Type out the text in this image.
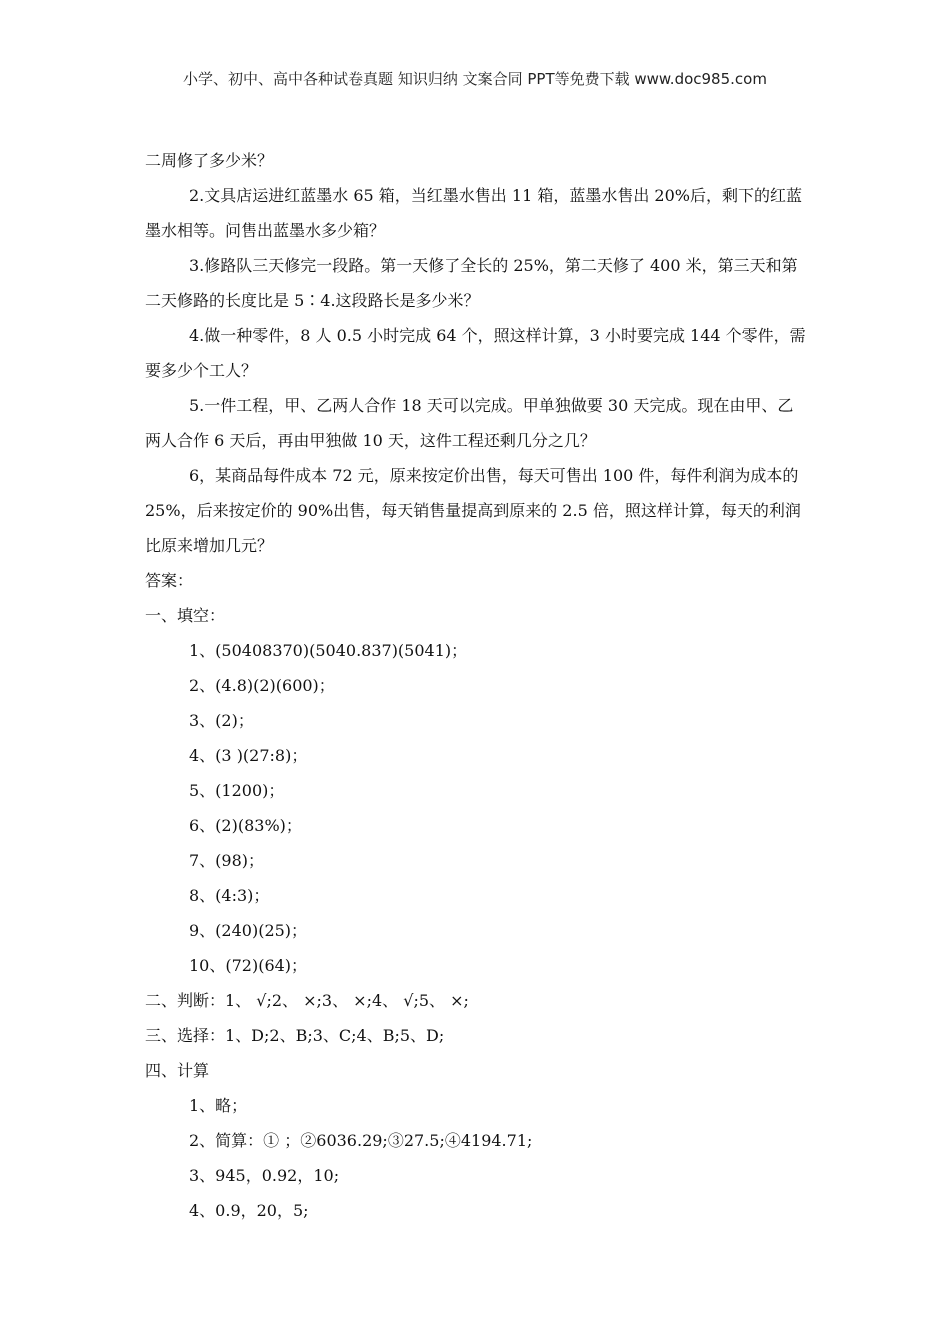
小学、初中、高中各种试卷真题 知识归纳 文案合同 PPT等免费下载 www.doc985.com

二周修了多少米？

2.文具店运进红蓝墨水 65 箱，当红墨水售出 11 箱，蓝墨水售出 20%后，剩下的红蓝

墨水相等。问售出蓝墨水多少箱？

3.修路队三天修完一段路。第一天修了全长的 25%，第二天修了 400 米，第三天和第

二天修路的长度比是 5∶4.这段路长是多少米？

4.做一种零件，8 人 0.5 小时完成 64 个，照这样计算，3 小时要完成 144 个零件，需

要多少个工人？

5.一件工程，甲、乙两人合作 18 天可以完成。甲单独做要 30 天完成。现在由甲、乙

两人合作 6 天后，再由甲独做 10 天，这件工程还剩几分之几？

6，某商品每件成本 72 元，原来按定价出售，每天可售出 100 件，每件利润为成本的

25%，后来按定价的 90%出售，每天销售量提高到原来的 2.5 倍，照这样计算，每天的利润

比原来增加几元？

答案：

一、填空：

1、(50408370)(5040.837)(5041)；

2、(4.8)(2)(600)；

3、(2)；

4、(3 )(27:8)；

5、(1200)；

6、(2)(83%)；

7、(98)；

8、(4:3)；

9、(240)(25)；

10、(72)(64)；

二、判断：1、 √;2、 ×;3、 ×;4、 √;5、 ×;

三、选择：1、D;2、B;3、C;4、B;5、D;

四、计算

1、略；

2、简算：① ；②6036.29;③27.5;④4194.71;

3、945，0.92，10;

4、0.9，20，5;
